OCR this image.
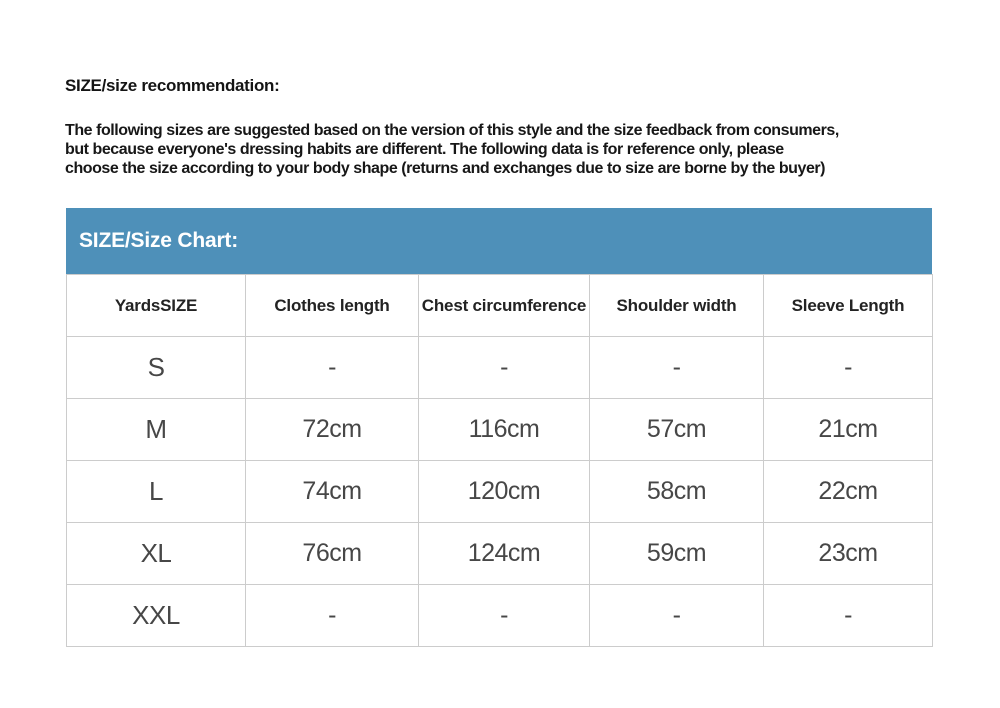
SIZE/size recommendation:
The following sizes are suggested based on the version of this style and the size feedback from consumers,
but because everyone's dressing habits are different. The following data is for reference only, please
choose the size according to your body shape (returns and exchanges due to size are borne by the buyer)
SIZE/Size Chart:
YardsSIZE	Clothes length	Chest circumference	Shoulder width	Sleeve Length
S	-	-	-	-
M	72cm	116cm	57cm	21cm
L	74cm	120cm	58cm	22cm
XL	76cm	124cm	59cm	23cm
XXL	-	-	-	-
